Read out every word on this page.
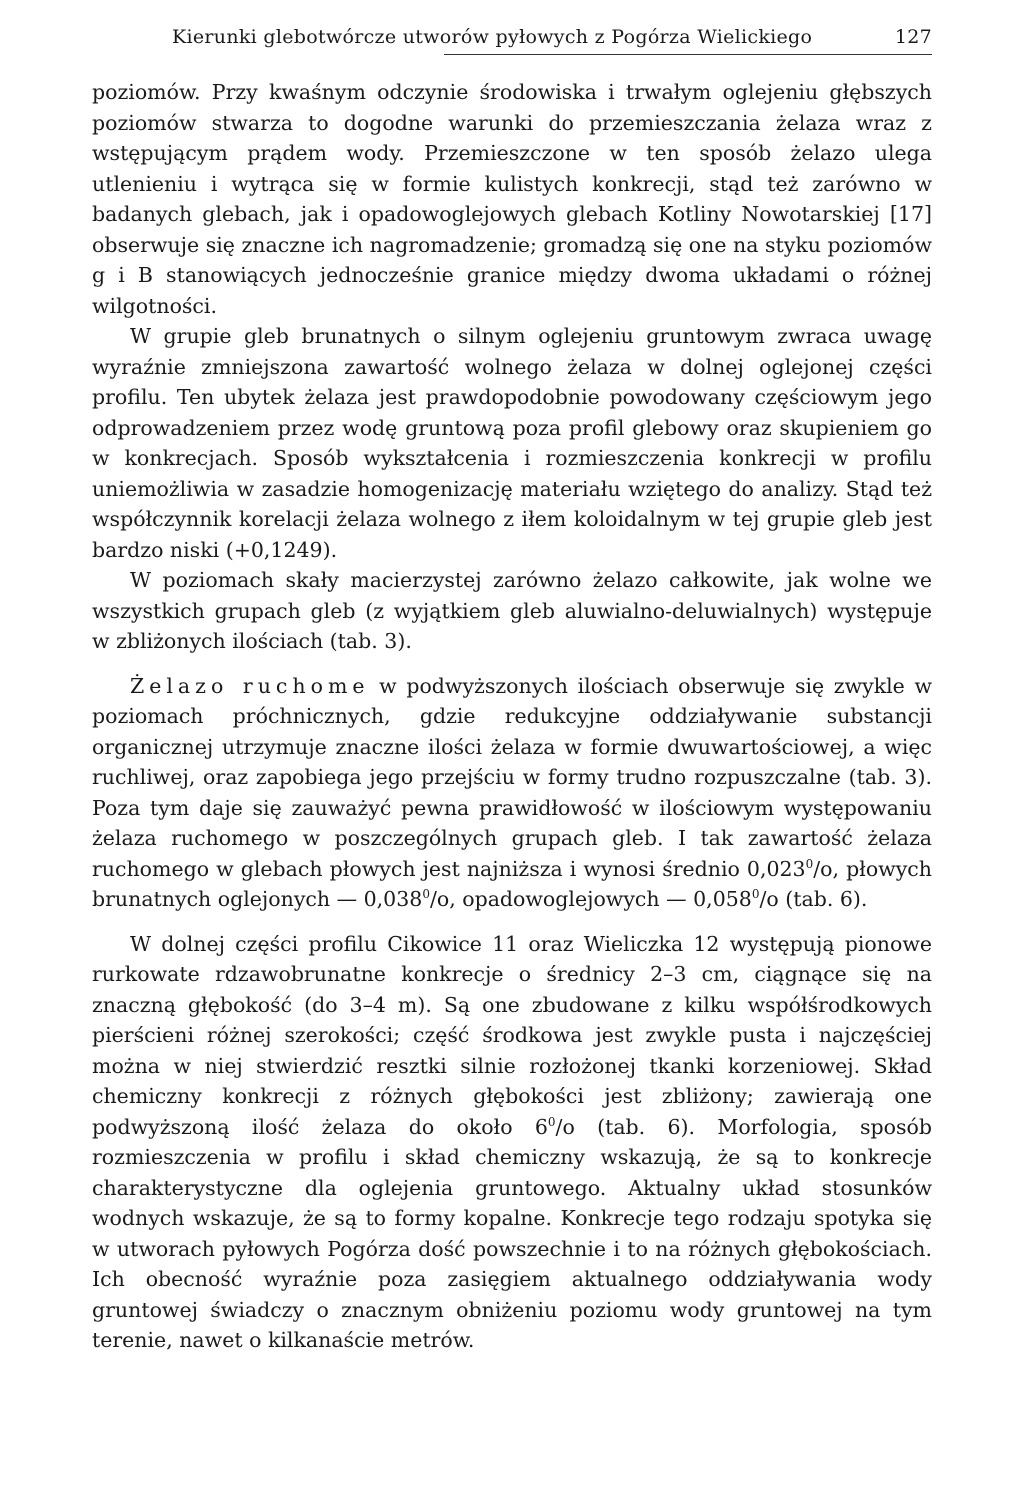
Kierunki glebotwórcze utworów pyłowych z Pogórza Wielickiego	127

poziomów. Przy kwaśnym odczynie środowiska i trwałym oglejeniu głębszych poziomów stwarza to dogodne warunki do przemieszczania żelaza wraz z wstępującym prądem wody. Przemieszczone w ten sposób żelazo ulega utlenieniu i wytrąca się w formie kulistych konkrecji, stąd też zarówno w badanych glebach, jak i opadowoglejowych glebach Kotliny Nowotarskiej [17] obserwuje się znaczne ich nagromadzenie; gromadzą się one na styku poziomów g i B stanowiących jednocześnie granice między dwoma układami o różnej wilgotności.

W grupie gleb brunatnych o silnym oglejeniu gruntowym zwraca uwagę wyraźnie zmniejszona zawartość wolnego żelaza w dolnej oglejonej części profilu. Ten ubytek żelaza jest prawdopodobnie powodowany częściowym jego odprowadzeniem przez wodę gruntową poza profil glebowy oraz skupieniem go w konkrecjach. Sposób wykształcenia i rozmieszczenia konkrecji w profilu uniemożliwia w zasadzie homogenizację materiału wziętego do analizy. Stąd też współczynnik korelacji żelaza wolnego z iłem koloidalnym w tej grupie gleb jest bardzo niski (+0,1249).

W poziomach skały macierzystej zarówno żelazo całkowite, jak wolne we wszystkich grupach gleb (z wyjątkiem gleb aluwialno-deluwialnych) występuje w zbliżonych ilościach (tab. 3).

Żelazo ruchome w podwyższonych ilościach obserwuje się zwykle w poziomach próchnicznych, gdzie redukcyjne oddziaływanie substancji organicznej utrzymuje znaczne ilości żelaza w formie dwuwartościowej, a więc ruchliwej, oraz zapobiega jego przejściu w formy trudno rozpuszczalne (tab. 3). Poza tym daje się zauważyć pewna prawidłowość w ilościowym występowaniu żelaza ruchomego w poszczególnych grupach gleb. I tak zawartość żelaza ruchomego w glebach płowych jest najniższa i wynosi średnio 0,023$^0$/o, płowych brunatnych oglejonych — 0,038$^0$/o, opadowoglejowych — 0,058$^0$/o (tab. 6).

W dolnej części profilu Cikowice 11 oraz Wieliczka 12 występują pionowe rurkowate rdzawobrunatne konkrecje o średnicy 2–3 cm, ciągnące się na znaczną głębokość (do 3–4 m). Są one zbudowane z kilku współśrodkowych pierścieni różnej szerokości; część środkowa jest zwykle pusta i najczęściej można w niej stwierdzić resztki silnie rozłożonej tkanki korzeniowej. Skład chemiczny konkrecji z różnych głębokości jest zbliżony; zawierają one podwyższoną ilość żelaza do około $6^0/o$ (tab. 6). Morfologia, sposób rozmieszczenia w profilu i skład chemiczny wskazują, że są to konkrecje charakterystyczne dla oglejenia gruntowego. Aktualny układ stosunków wodnych wskazuje, że są to formy kopalne. Konkrecje tego rodzaju spotyka się w utworach pyłowych Pogórza dość powszechnie i to na różnych głębokościach. Ich obecność wyraźnie poza zasięgiem aktualnego oddziaływania wody gruntowej świadczy o znacznym obniżeniu poziomu wody gruntowej na tym terenie, nawet o kilkanaście metrów.
